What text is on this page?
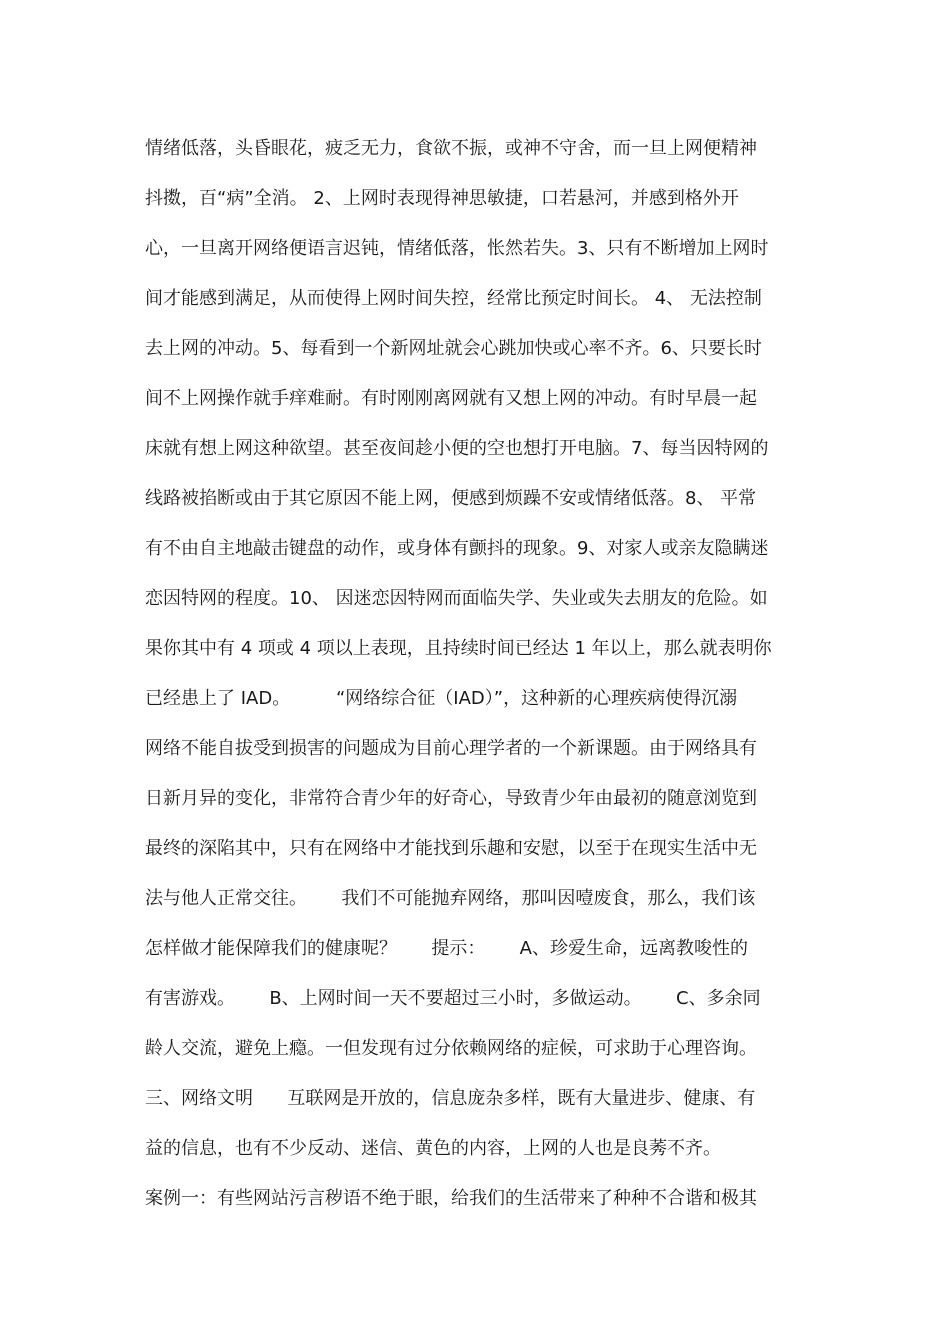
情绪低落，头昏眼花，疲乏无力，食欲不振，或神不守舍，而一旦上网便精神
抖擞，百“病”全消。 2、上网时表现得神思敏捷，口若悬河，并感到格外开
心，一旦离开网络便语言迟钝，情绪低落，怅然若失。3、只有不断增加上网时
间才能感到满足，从而使得上网时间失控，经常比预定时间长。 4、 无法控制
去上网的冲动。5、每看到一个新网址就会心跳加快或心率不齐。6、只要长时
间不上网操作就手痒难耐。有时刚刚离网就有又想上网的冲动。有时早晨一起
床就有想上网这种欲望。甚至夜间趁小便的空也想打开电脑。7、每当因特网的
线路被掐断或由于其它原因不能上网，便感到烦躁不安或情绪低落。8、 平常
有不由自主地敲击键盘的动作，或身体有颤抖的现象。9、对家人或亲友隐瞒迷
恋因特网的程度。10、 因迷恋因特网而面临失学、失业或失去朋友的危险。如
果你其中有 4 项或 4 项以上表现，且持续时间已经达 1 年以上，那么就表明你
已经患上了 IAD。        “网络综合征（IAD）”，这种新的心理疾病使得沉溺
网络不能自拔受到损害的问题成为目前心理学者的一个新课题。由于网络具有
日新月异的变化，非常符合青少年的好奇心，导致青少年由最初的随意浏览到
最终的深陷其中，只有在网络中才能找到乐趣和安慰，以至于在现实生活中无
法与他人正常交往。      我们不可能抛弃网络，那叫因噎废食，那么，我们该
怎样做才能保障我们的健康呢？      提示：      A、珍爱生命，远离教唆性的
有害游戏。      B、上网时间一天不要超过三小时，多做运动。      C、多余同
龄人交流，避免上瘾。一但发现有过分依赖网络的症候，可求助于心理咨询。
三、网络文明      互联网是开放的，信息庞杂多样，既有大量进步、健康、有
益的信息，也有不少反动、迷信、黄色的内容，上网的人也是良莠不齐。
案例一：有些网站污言秽语不绝于眼，给我们的生活带来了种种不合谐和极其
